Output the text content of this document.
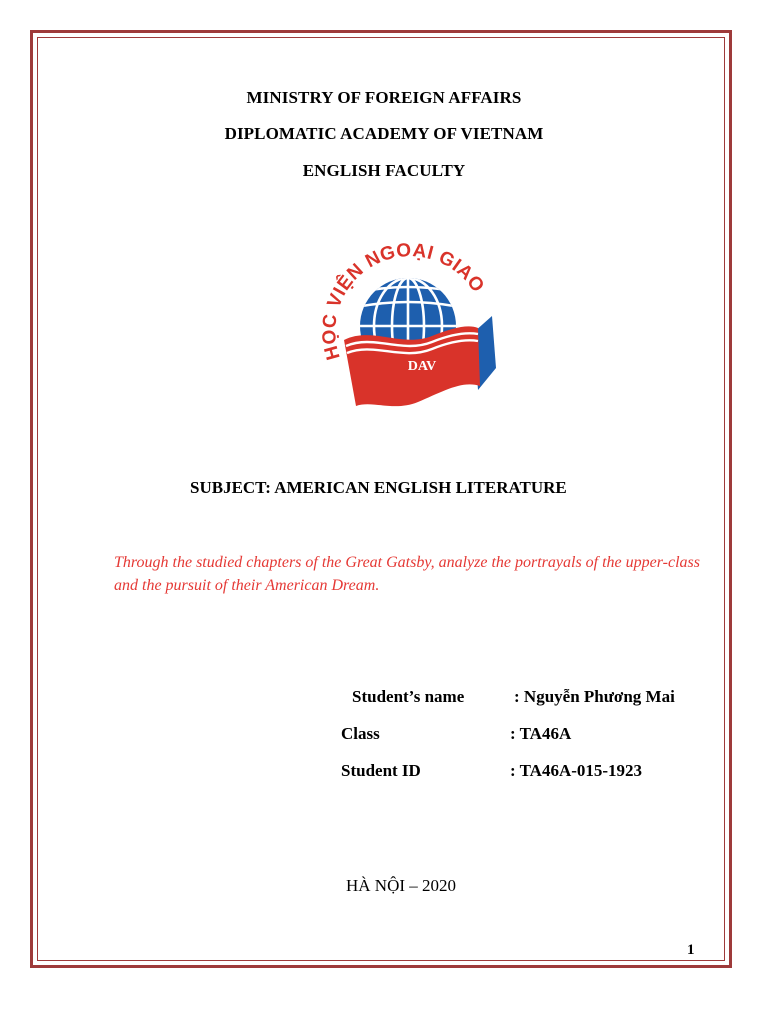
MINISTRY OF FOREIGN AFFAIRS
DIPLOMATIC ACADEMY OF VIETNAM
ENGLISH FACULTY
HỌC VIỆN NGOẠI GIAO
DAV
SUBJECT: AMERICAN ENGLISH LITERATURE
Through the studied chapters of the Great Gatsby, analyze the portrayals of the upper-class and the pursuit of their American Dream.
Student’s name	: Nguyễn Phương Mai
Class	: TA46A
Student ID	: TA46A-015-1923
HÀ NỘI – 2020
1
